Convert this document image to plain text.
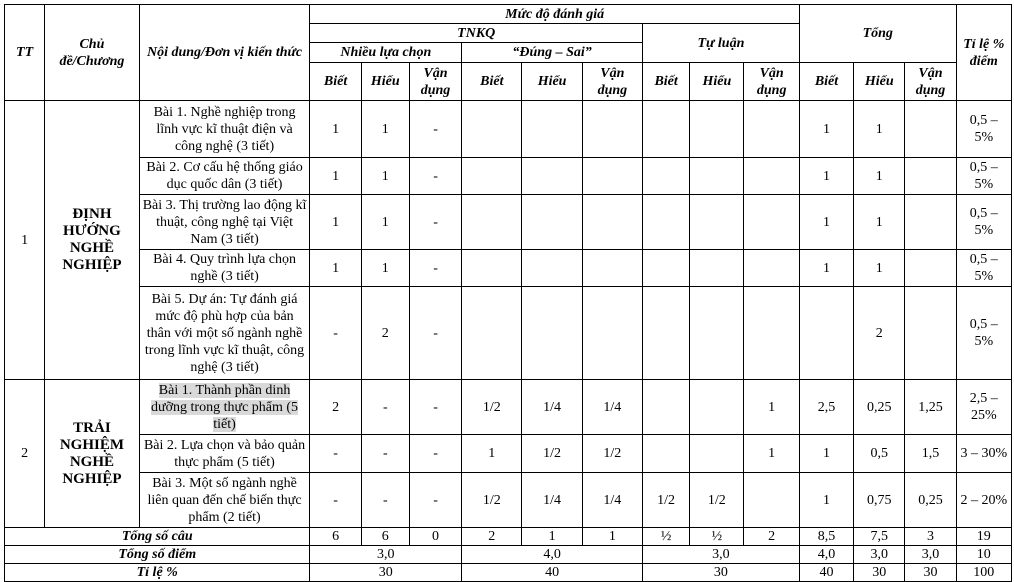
TT	Chủ đề/Chương	Nội dung/Đơn vị kiến thức	Mức độ đánh giá									Tổng			Tỉ lệ % điểm
			TNKQ						Tự luận						
			Nhiều lựa chọn			“Đúng – Sai”									
			Biết	Hiểu	Vận dụng	Biết	Hiểu	Vận dụng	Biết	Hiểu	Vận dụng	Biết	Hiểu	Vận dụng	
1	ĐỊNH HƯỚNG NGHỀ NGHIỆP	Bài 1. Nghề nghiệp trong lĩnh vực kĩ thuật điện và công nghệ (3 tiết)	1	1	-							1	1		0,5 – 5%
		Bài 2. Cơ cấu hệ thống giáo dục quốc dân (3 tiết)	1	1	-							1	1		0,5 – 5%
		Bài 3. Thị trường lao động kĩ thuật, công nghệ tại Việt Nam (3 tiết)	1	1	-							1	1		0,5 – 5%
		Bài 4. Quy trình lựa chọn nghề (3 tiết)	1	1	-							1	1		0,5 – 5%
		Bài 5. Dự án: Tự đánh giá mức độ phù hợp của bản thân với một số ngành nghề trong lĩnh vực kĩ thuật, công nghệ (3 tiết)	-	2	-								2		0,5 – 5%
2	TRẢI NGHIỆM NGHỀ NGHIỆP	Bài 1. Thành phần dinh dưỡng trong thực phẩm (5 tiết)	2	-	-	1/2	1/4	1/4			1	2,5	0,25	1,25	2,5 – 25%
		Bài 2. Lựa chọn và bảo quản thực phẩm (5 tiết)	-	-	-	1	1/2	1/2			1	1	0,5	1,5	3 – 30%
		Bài 3. Một số ngành nghề liên quan đến chế biến thực phẩm (2 tiết)	-	-	-	1/2	1/4	1/4	1/2	1/2		1	0,75	0,25	2 – 20%
Tổng số câu			6	6	0	2	1	1	½	½	2	8,5	7,5	3	19
Tổng số điểm			3,0			4,0			3,0			4,0	3,0	3,0	10
Tỉ lệ %			30			40			30			40	30	30	100
